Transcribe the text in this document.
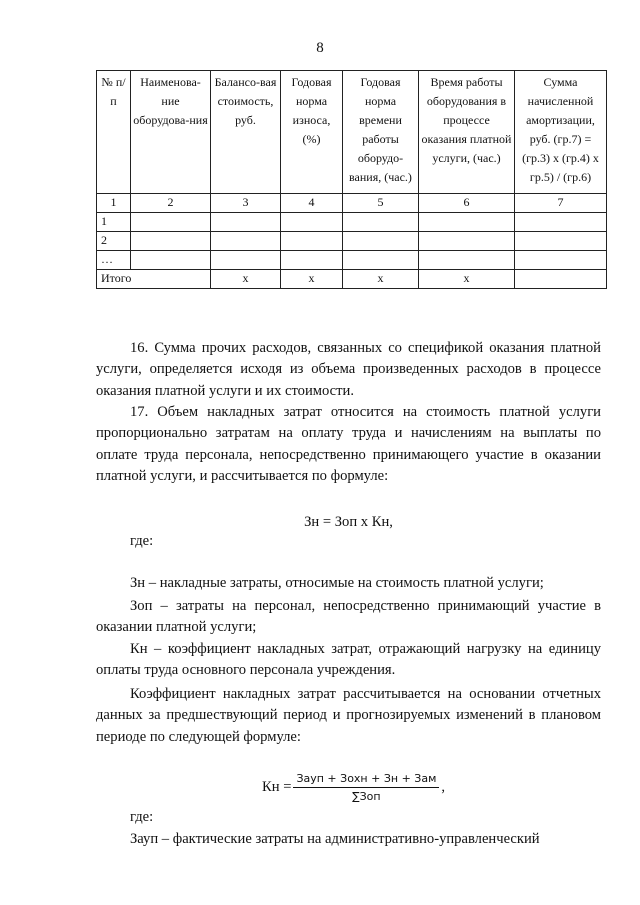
8
№ п/п	Наименова-ние оборудова-ния	Балансо-вая стоимость, руб.	Годовая норма износа, (%)	Годовая норма времени работы оборудо-вания, (час.)	Время работы оборудования в процессе оказания платной услуги, (час.)	Сумма начисленной амортизации, руб. (гр.7) = (гр.3) х (гр.4) х гр.5) / (гр.6)
1	2	3	4	5	6	7
1						
2						
…						
Итого		х	х	х	х	

16. Сумма прочих расходов, связанных со спецификой оказания платной услуги, определяется исходя из объема произведенных расходов в процессе оказания платной услуги и их стоимости.

17. Объем накладных затрат относится на стоимость платной услуги пропорционально затратам на оплату труда и начислениям на выплаты по оплате труда персонала, непосредственно принимающего участие в оказании платной услуги, и рассчитывается по формуле:

Зн = Зоп х Кн,

где:

Зн – накладные затраты, относимые на стоимость платной услуги;

Зоп – затраты на персонал, непосредственно принимающий участие в оказании платной услуги;

Кн – коэффициент накладных затрат, отражающий нагрузку на единицу оплаты труда основного персонала учреждения.

Коэффициент накладных затрат рассчитывается на основании отчетных данных за предшествующий период и прогнозируемых изменений в плановом периоде по следующей формуле:

Кн = $\frac{\text{Зауп + Зохн + Зн + Зам}}{\text{∑Зоп}}$ ,

где:

Зауп – фактические затраты на административно-управленческий
